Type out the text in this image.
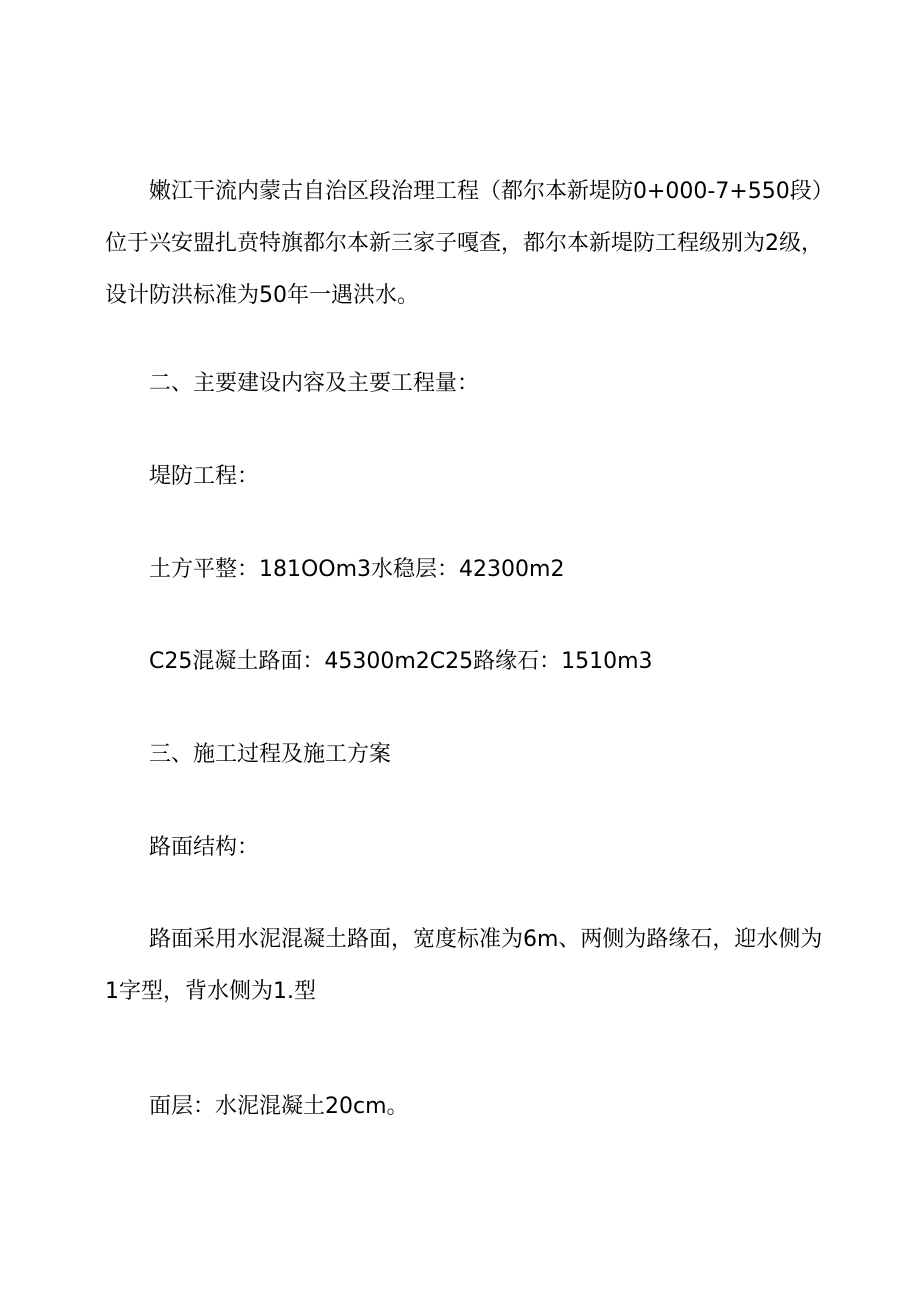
嫩江干流内蒙古自治区段治理工程（都尔本新堤防0+000-7+550段）位于兴安盟扎贲特旗都尔本新三家子嘎查，都尔本新堤防工程级别为2级，设计防洪标准为50年一遇洪水。

二、主要建设内容及主要工程量：

堤防工程：

土方平整：181OOm3水稳层：42300m2

C25混凝土路面：45300m2C25路缘石：1510m3

三、施工过程及施工方案

路面结构：

路面采用水泥混凝土路面，宽度标准为6m、两侧为路缘石，迎水侧为1字型，背水侧为1.型

面层：水泥混凝土20cm。
